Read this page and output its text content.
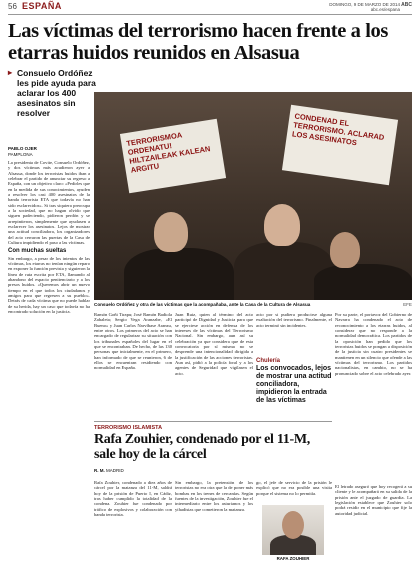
56 ESPAÑA	DOMINGO, 9 DE MARZO DE 2014
abc.es/espana
ABC
Las víctimas del terrorismo hacen frente a los etarras huidos reunidos en Alsasua
▸ Consuelo Ordóñez les pide ayuda para aclarar los 400 asesinatos sin resolver
PABLO OJER
PAMPLONA

La presidenta de Covite, Consuelo Ordóñez, y dos víctimas más acudieron ayer a Alsasua, donde los terroristas huidos iban a celebrar el partido de anunciar su regreso a España, con un objetivo claro: «Pedirles que en la medida de sus conocimientos, ayuden a resolver los casi 400 asesinatos de la banda terrorista ETA que todavía no han sido esclarecidos». Si tras siquiera preocupa a la sociedad, que no hagan olvido que siguen padeciendo, pidieron perdón y se arrepintieron, simplemente que ayudasen a esclarecer los asesinatos. Lejos de mostrar una actitud conciliadora, los organizadores del acto cerraron las puertas de la Casa de Cultura impidiendo el paso a las víctimas.

Con muchas sueltas

Sin embargo, a pesar de los intentos de las víctimas, los etarras no tenían ningún reparo en exponer la función prevista y siguieron la línea de ruta escrita por ETA, llamando al abandono del espacio penitenciario y a los presos huidos. «Queremos abrir un nuevo tiempo en el que todos los ciudadanos y amigos para que regresen a su pueblo». Detrás de cada víctima que no puede hablar de su herida, hay un caso que todavía no ha encontrado solución en la justicia.

TERRORISMOA ORDENATU! HILTZAILEAK KALEAN ARGITU

CONDENAD EL TERRORISMO. ACLARAD LOS ASESINATOS

Consuelo Ordóñez y otra de las víctimas que la acompañaba, ante la Casa de la Cultura de Alsasua	EFE

Ramón Goñi Tirapu; José Ramón Badiola Zabaleta; Sergio Vega Aranzabe, «El Bueno» y Juan Carlos Narvíbase Aranzu, entre otros. Los primeros del acto se han encargado de regularizar su situación con los tribunales españoles del lugar en el que se encontraban. De hecho, de las 130 personas que inicialmente, en el primero, han informado de que se reunieron, 6 de ellos se encuentran residiendo con normalidad en España.

Juan Ruiz, quien al término del acto participó de Dignidad y Justicia para que se ejerciese acción en defensa de los intereses de las víctimas del Terrorismo Nacional. Sin embargo, aun así su celebración ya que considera que de esta convocatoria por sí misma no se desprende una intencionalidad dirigida a la justificación de las acciones terroristas. Aun así, pidió a la policía foral y a los agentes de Seguridad que vigilasen el acto.

acto por si pudiera producirse alguna exaltación del terrorismo. Finalmente, el acto terminó sin incidentes.

Chulería

Los convocados, lejos de mostrar una actitud conciliadora, impidieron la entrada de las víctimas

Por su parte, el portavoz del Gobierno de Navarra ha condenado el acto de reconocimiento a los etarras huidos, al considerar que no responde a la normalidad democrática. Los partidos de la oposición han pedido que los terroristas huidos se pongan a disposición de la justicia sin cuatro presidentes se mantienen en un silencio que ofende a las víctimas del terrorismo. Los partidos nacionalistas, en cambio, no se ha pronunciado sobre el acto celebrado ayer.

TERRORISMO ISLAMISTA
Rafa Zouhier, condenado por el 11-M, sale hoy de la cárcel
R. M. MADRID

Rafa Zouhier, condenado a diez años de cárcel por la matanza del 11-M, saldrá hoy de la prisión de Puerto I, en Cádiz, tras haber cumplido la totalidad de la condena. Zouhier fue condenado por tráfico de explosivos y colaboración con banda terrorista.

Sin embargo, la pretensión de los terroristas no era otra que la de poner más bombas en los trenes de cercanías. Según fuentes de la investigación, Zouhier fue el intermediario entre los asturianos y los yihadistas que cometieron la matanza.

go, el jefe de servicio de la prisión le explicó que no era posible una visita porque el sistema no lo permitía.

RAFA ZOUHIER

El letrado aseguró que hoy recogerá a su cliente y le acompañará en su salida de la prisión ante el juzgado de guardia. La legislación establece que Zouhier solo podrá residir en el municipio que fije la autoridad judicial.
